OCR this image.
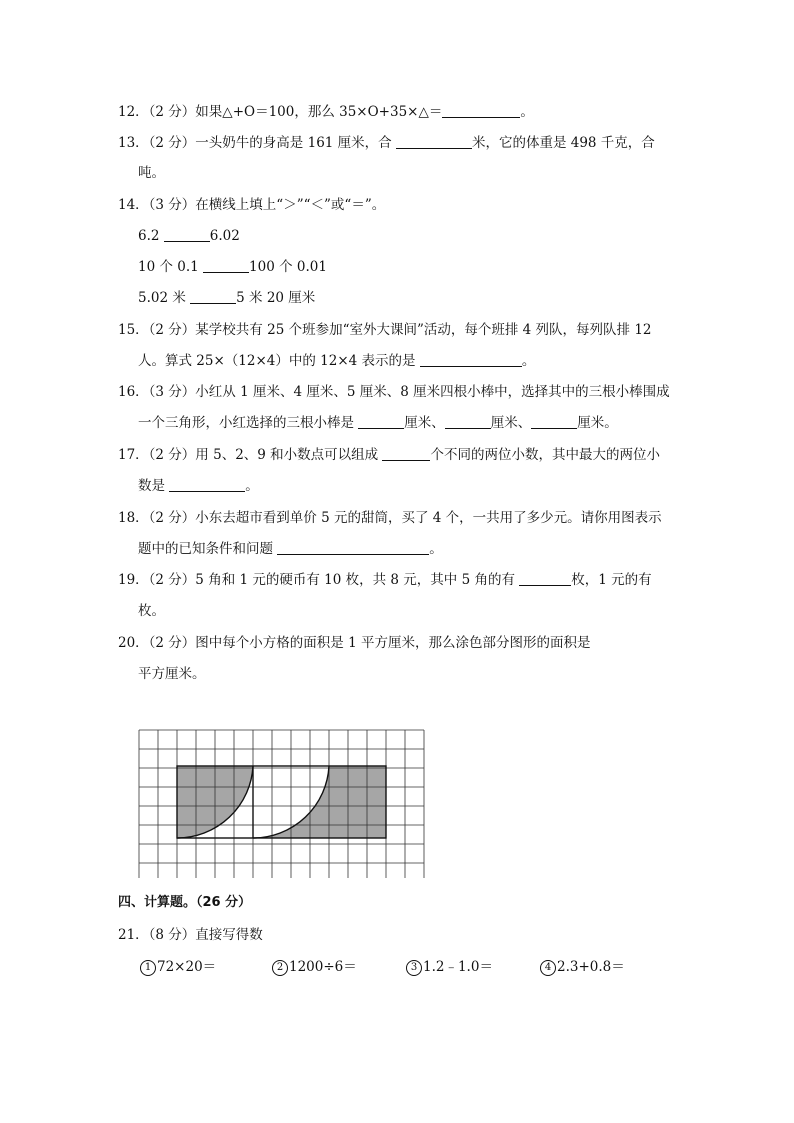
12．（2 分）如果△+O＝100，那么 35×O+35×△＝	。
13．（2 分）一头奶牛的身高是 161 厘米，合	米，它的体重是 498 千克，合
吨。
14．（3 分）在横线上填上“＞”“＜”或“＝”。
6.2	6.02
10 个 0.1	100 个 0.01
5.02 米	5 米 20 厘米
15．（2 分）某学校共有 25 个班参加“室外大课间”活动，每个班排 4 列队，每列队排 12
人。算式 25×（12×4）中的 12×4 表示的是	。
16．（3 分）小红从 1 厘米、4 厘米、5 厘米、8 厘米四根小棒中，选择其中的三根小棒围成
一个三角形，小红选择的三根小棒是	厘米、	厘米、	厘米。
17．（2 分）用 5、2、9 和小数点可以组成	个不同的两位小数，其中最大的两位小
数是	。
18．（2 分）小东去超市看到单价 5 元的甜筒，买了 4 个，一共用了多少元。请你用图表示
题中的已知条件和问题	。
19．（2 分）5 角和 1 元的硬币有 10 枚，共 8 元，其中 5 角的有	枚，1 元的有
枚。
20．（2 分）图中每个小方格的面积是 1 平方厘米，那么涂色部分图形的面积是
平方厘米。
四、计算题。（26 分）
21．（8 分）直接写得数
1 72×20＝	2 1200÷6＝	3 1.2﹣1.0＝	4 2.3+0.8＝
